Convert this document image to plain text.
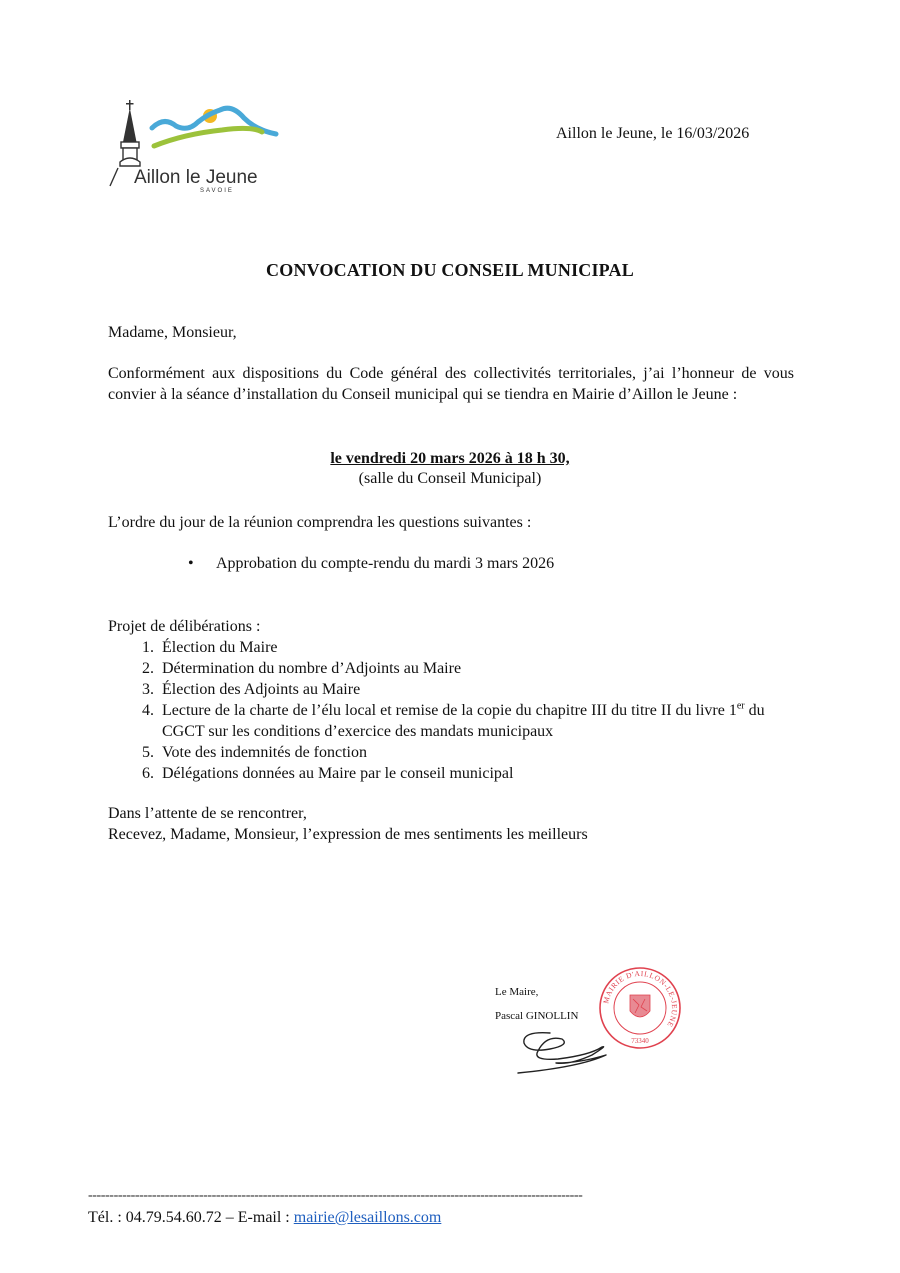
Aillon le Jeune
SAVOIE
Aillon le Jeune, le 16/03/2026
CONVOCATION DU CONSEIL MUNICIPAL
Madame, Monsieur,
Conformément aux dispositions du Code général des collectivités territoriales, j’ai l’honneur de vous convier à la séance d’installation du Conseil municipal qui se tiendra en Mairie d’Aillon le Jeune :
le vendredi 20 mars 2026 à 18 h 30,
(salle du Conseil Municipal)
L’ordre du jour de la réunion comprendra les questions suivantes :
• Approbation du compte-rendu du mardi 3 mars 2026
Projet de délibérations :
1. Élection du Maire
2. Détermination du nombre d’Adjoints au Maire
3. Élection des Adjoints au Maire
4. Lecture de la charte de l’élu local et remise de la copie du chapitre III du titre II du livre 1er du CGCT sur les conditions d’exercice des mandats municipaux
5. Vote des indemnités de fonction
6. Délégations données au Maire par le conseil municipal
Dans l’attente de se rencontrer,
Recevez, Madame, Monsieur, l’expression de mes sentiments les meilleurs
Le Maire,
Pascal GINOLLIN
MAIRIE D'AILLON-LE-JEUNE
73340
--------------------------------------------------------------------------------------------------------------------
Tél. : 04.79.54.60.72 – E-mail : mairie@lesaillons.com
